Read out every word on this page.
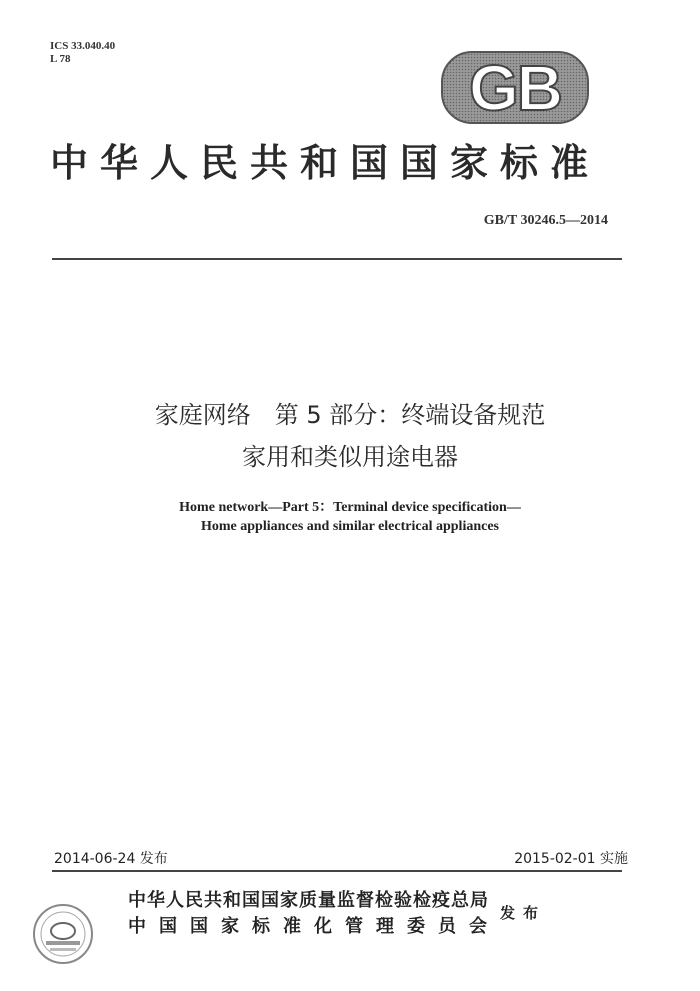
ICS 33.040.40
L 78	GB
中华人民共和国国家标准
GB/T 30246.5—2014
家庭网络　第 5 部分：终端设备规范
家用和类似用途电器
Home network—Part 5：Terminal device specification—
Home appliances and similar electrical appliances
2014-06-24 发布	2015-02-01 实施
中华人民共和国国家质量监督检验检疫总局
中国国家标准化管理委员会
发布
